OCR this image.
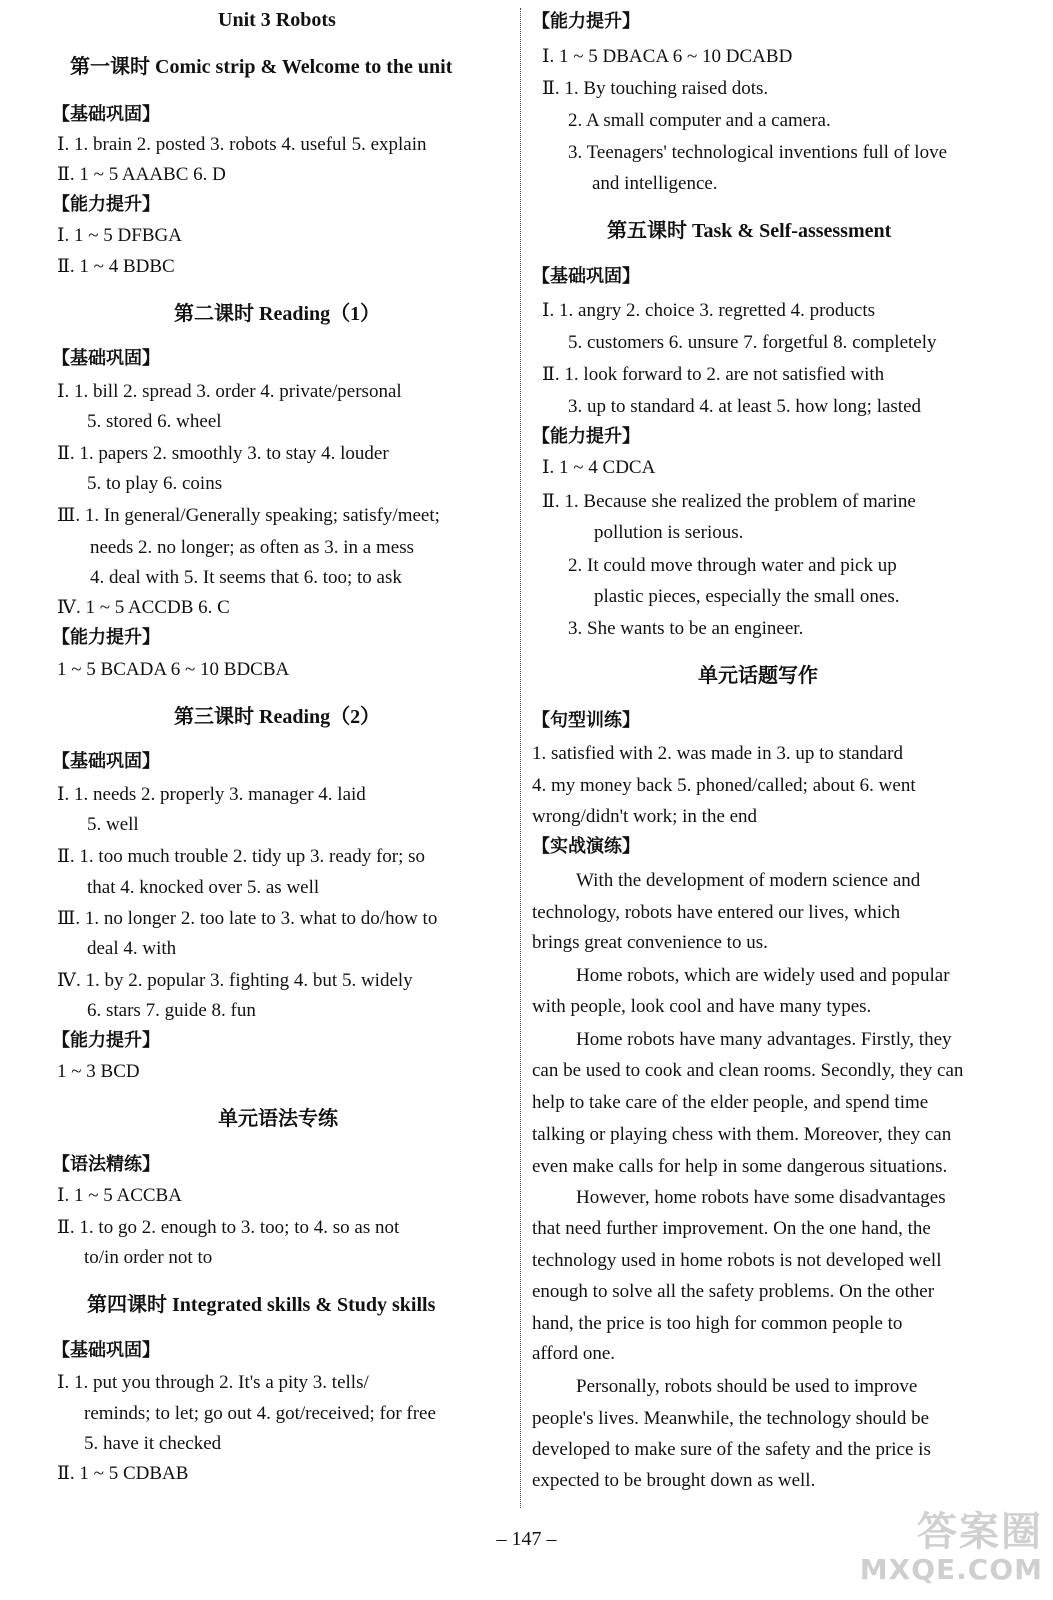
Unit 3 Robots
第一课时 Comic strip & Welcome to the unit
【基础巩固】
Ⅰ. 1. brain 2. posted 3. robots 4. useful 5. explain
Ⅱ. 1 ~ 5 AAABC 6. D
【能力提升】
Ⅰ. 1 ~ 5 DFBGA
Ⅱ. 1 ~ 4 BDBC
第二课时 Reading（1）
【基础巩固】
Ⅰ. 1. bill 2. spread 3. order 4. private/personal
5. stored 6. wheel
Ⅱ. 1. papers 2. smoothly 3. to stay 4. louder
5. to play 6. coins
Ⅲ. 1. In general/Generally speaking; satisfy/meet;
needs 2. no longer; as often as 3. in a mess
4. deal with 5. It seems that 6. too; to ask
Ⅳ. 1 ~ 5 ACCDB 6. C
【能力提升】
1 ~ 5 BCADA 6 ~ 10 BDCBA
第三课时 Reading（2）
【基础巩固】
Ⅰ. 1. needs 2. properly 3. manager 4. laid
5. well
Ⅱ. 1. too much trouble 2. tidy up 3. ready for; so
that 4. knocked over 5. as well
Ⅲ. 1. no longer 2. too late to 3. what to do/how to
deal 4. with
Ⅳ. 1. by 2. popular 3. fighting 4. but 5. widely
6. stars 7. guide 8. fun
【能力提升】
1 ~ 3 BCD
单元语法专练
【语法精练】
Ⅰ. 1 ~ 5 ACCBA
Ⅱ. 1. to go 2. enough to 3. too; to 4. so as not
to/in order not to
第四课时 Integrated skills & Study skills
【基础巩固】
Ⅰ. 1. put you through 2. It's a pity 3. tells/
reminds; to let; go out 4. got/received; for free
5. have it checked
Ⅱ. 1 ~ 5 CDBAB
【能力提升】
Ⅰ. 1 ~ 5 DBACA 6 ~ 10 DCABD
Ⅱ. 1. By touching raised dots.
2. A small computer and a camera.
3. Teenagers' technological inventions full of love
and intelligence.
第五课时 Task & Self-assessment
【基础巩固】
Ⅰ. 1. angry 2. choice 3. regretted 4. products
5. customers 6. unsure 7. forgetful 8. completely
Ⅱ. 1. look forward to 2. are not satisfied with
3. up to standard 4. at least 5. how long; lasted
【能力提升】
Ⅰ. 1 ~ 4 CDCA
Ⅱ. 1. Because she realized the problem of marine
pollution is serious.
2. It could move through water and pick up
plastic pieces, especially the small ones.
3. She wants to be an engineer.
单元话题写作
【句型训练】
1. satisfied with 2. was made in 3. up to standard
4. my money back 5. phoned/called; about 6. went
wrong/didn't work; in the end
【实战演练】
With the development of modern science and
technology, robots have entered our lives, which
brings great convenience to us.
Home robots, which are widely used and popular
with people, look cool and have many types.
Home robots have many advantages. Firstly, they
can be used to cook and clean rooms. Secondly, they can
help to take care of the elder people, and spend time
talking or playing chess with them. Moreover, they can
even make calls for help in some dangerous situations.
However, home robots have some disadvantages
that need further improvement. On the one hand, the
technology used in home robots is not developed well
enough to solve all the safety problems. On the other
hand, the price is too high for common people to
afford one.
Personally, robots should be used to improve
people's lives. Meanwhile, the technology should be
developed to make sure of the safety and the price is
expected to be brought down as well.
– 147 –	答案圈
MXQE.COM
